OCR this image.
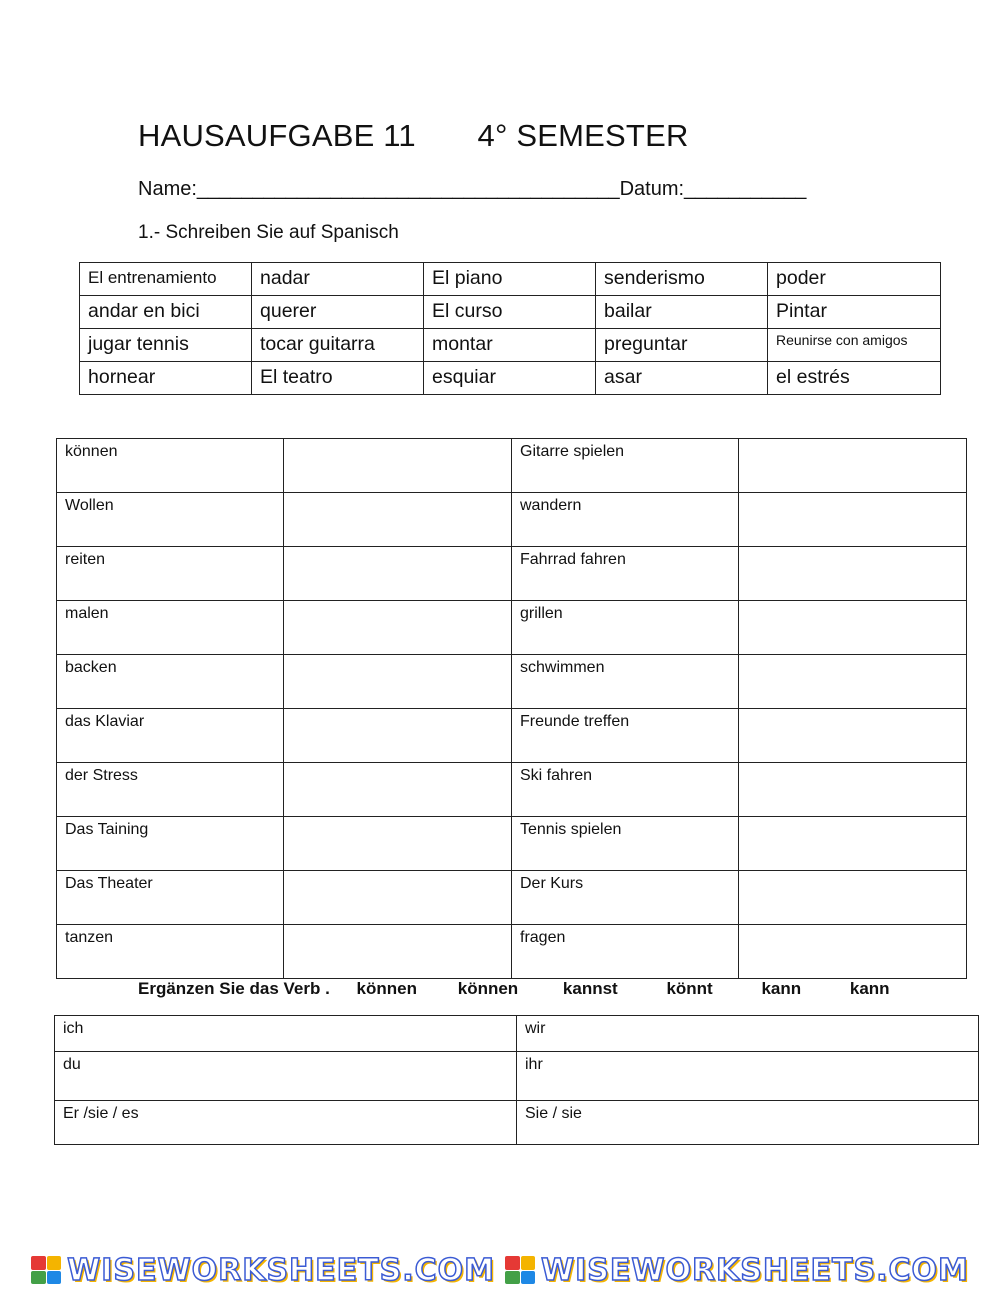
HAUSAUFGABE 11       4° SEMESTER
Name:______________________________________Datum:___________
1.- Schreiben Sie auf Spanisch
El entrenamiento	nadar	El piano	senderismo	poder
andar en bici	querer	El curso	bailar	Pintar
jugar tennis	tocar guitarra	montar	preguntar	Reunirse con amigos
hornear	El teatro	esquiar	asar	el estrés
können		Gitarre spielen	
Wollen		wandern	
reiten		Fahrrad fahren	
malen		grillen	
backen		schwimmen	
das Klaviar		Freunde treffen	
der Stress		Ski fahren	
Das Taining		Tennis spielen	
Das Theater		Der Kurs	
tanzen		fragen	
Ergänzen Sie das Verb . können können	kannst	könnt	kann	kann
ich	wir
du	ihr
Er /sie / es	Sie / sie
WISEWORKSHEETS.COM WISEWORKSHEETS.COM
